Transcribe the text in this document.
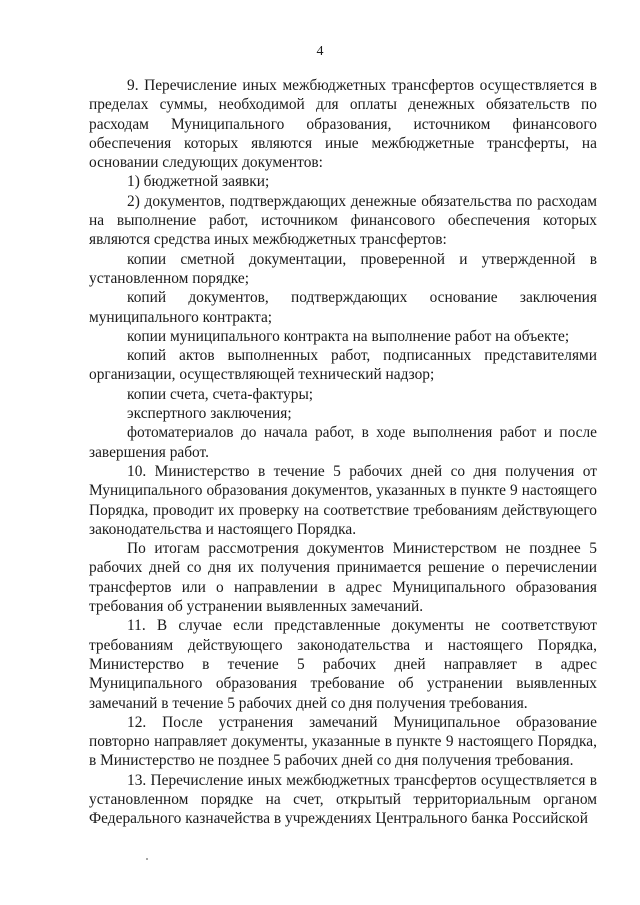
4

9. Перечисление иных межбюджетных трансфертов осуществляется в пределах суммы, необходимой для оплаты денежных обязательств по расходам Муниципального образования, источником финансового обеспечения которых являются иные межбюджетные трансферты, на основании следующих документов:

1) бюджетной заявки;

2) документов, подтверждающих денежные обязательства по расходам на выполнение работ, источником финансового обеспечения которых являются средства иных межбюджетных трансфертов:

копии сметной документации, проверенной и утвержденной в установленном порядке;

копий документов, подтверждающих основание заключения муниципального контракта;

копии муниципального контракта на выполнение работ на объекте;

копий актов выполненных работ, подписанных представителями организации, осуществляющей технический надзор;

копии счета, счета-фактуры;

экспертного заключения;

фотоматериалов до начала работ, в ходе выполнения работ и после завершения работ.

10. Министерство в течение 5 рабочих дней со дня получения от Муниципального образования документов, указанных в пункте 9 настоящего Порядка, проводит их проверку на соответствие требованиям действующего законодательства и настоящего Порядка.

По итогам рассмотрения документов Министерством не позднее 5 рабочих дней со дня их получения принимается решение о перечислении трансфертов или о направлении в адрес Муниципального образования требования об устранении выявленных замечаний.

11. В случае если представленные документы не соответствуют требованиям действующего законодательства и настоящего Порядка, Министерство в течение 5 рабочих дней направляет в адрес Муниципального образования требование об устранении выявленных замечаний в течение 5 рабочих дней со дня получения требования.

12. После устранения замечаний Муниципальное образование повторно направляет документы, указанные в пункте 9 настоящего Порядка, в Министерство не позднее 5 рабочих дней со дня получения требования.

13. Перечисление иных межбюджетных трансфертов осуществляется в установленном порядке на счет, открытый территориальным органом Федерального казначейства в учреждениях Центрального банка Российской
